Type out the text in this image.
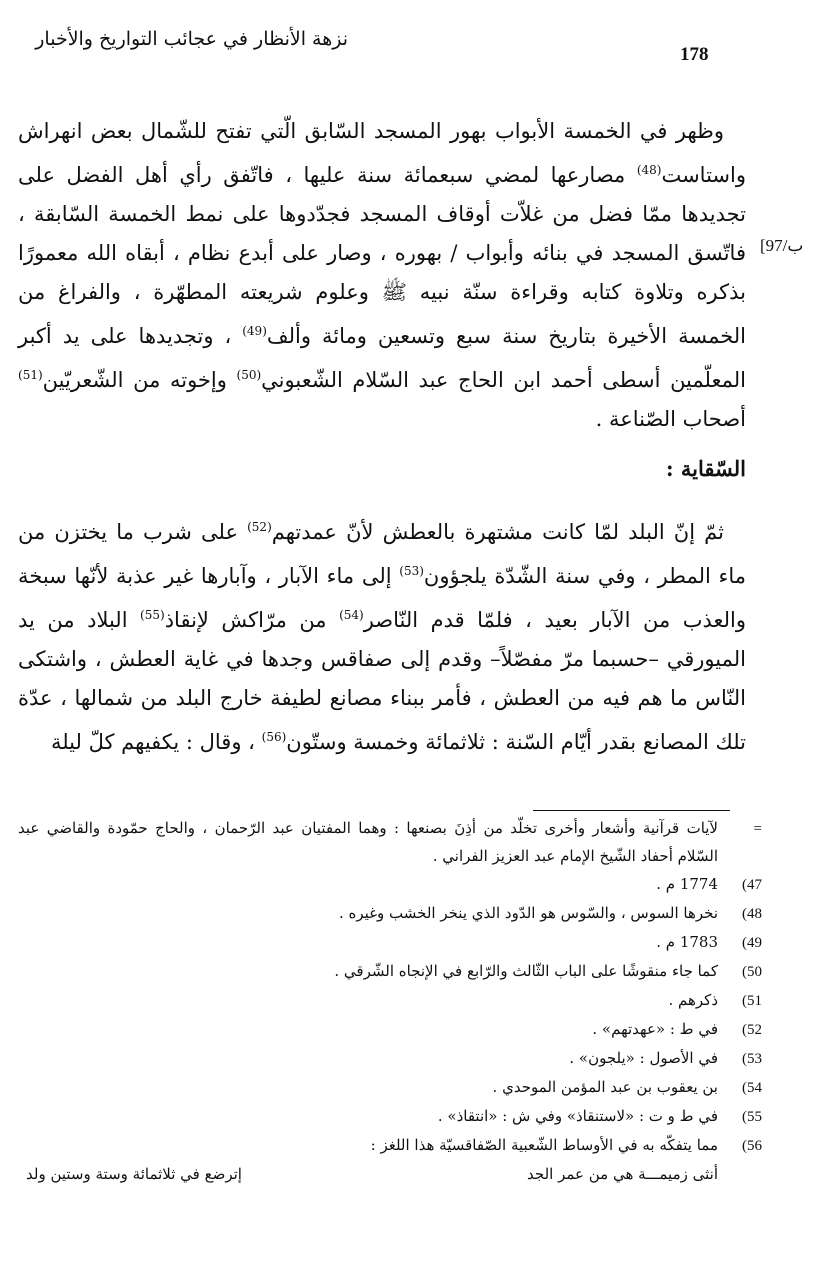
نزهة الأنظار في عجائب التواريخ والأخبار
178
[97/ب

وظهر في الخمسة الأبواب بهور المسجد السّابق الّتي تفتح للشّمال بعض انهراش واستاست$^{(48)}$ مصارعها لمضي سبعمائة سنة عليها ، فاتّفق رأي أهل الفضل على تجديدها ممّا فضل من غلاّت أوقاف المسجد فجدّدوها على نمط الخمسة السّابقة ، فاتّسق المسجد في بنائه وأبواب / بهوره ، وصار على أبدع نظام ، أبقاه الله معمورًا بذكره وتلاوة كتابه وقراءة سنّة نبيه ﷺ وعلوم شريعته المطهّرة ، والفراغ من الخمسة الأخيرة بتاريخ سنة سبع وتسعين ومائة وألف$^{(49)}$ ، وتجديدها على يد أكبر المعلّمين أسطى أحمد ابن الحاج عبد السّلام الشّعبوني$^{(50)}$ وإخوته من الشّعريّين$^{(51)}$ أصحاب الصّناعة .

السّقاية :

ثمّ إنّ البلد لمّا كانت مشتهرة بالعطش لأنّ عمدتهم$^{(52)}$ على شرب ما يختزن من ماء المطر ، وفي سنة الشّدّة يلجؤون$^{(53)}$ إلى ماء الآبار ، وآبارها غير عذبة لأنّها سبخة والعذب من الآبار بعيد ، فلمّا قدم النّاصر$^{(54)}$ من مرّاكش لإنقاذ$^{(55)}$ البلاد من يد الميورقي –حسبما مرّ مفصّلاً– وقدم إلى صفاقس وجدها في غاية العطش ، واشتكى النّاس ما هم فيه من العطش ، فأمر ببناء مصانع لطيفة خارج البلد من شمالها ، عدّة تلك المصانع بقدر أيّام السّنة : ثلاثمائة وخمسة وستّون$^{(56)}$ ، وقال : يكفيهم كلّ ليلة

=
لآيات قرآنية وأشعار وأخرى تخلّد من أذِنَ بصنعها : وهما المفتيان عبد الرّحمان ، والحاج حمّودة والقاضي عبد السّلام أحفاد الشّيخ الإمام عبد العزيز الفراني .
47)
1774 م .
48)
نخرها السوس ، والسّوس هو الدّود الذي ينخر الخشب وغيره .
49)
1783 م .
50)
كما جاء منقوشًا على الباب الثّالث والرّابع في الإنجاه الشّرقي .
51)
ذكرهم .
52)
في ط : «عهدتهم» .
53)
في الأصول : «يلجون» .
54)
بن يعقوب بن عبد المؤمن الموحدي .
55)
في ط و ت : «لاستنقاذ» وفي ش : «انتقاذ» .
56)
مما يتفكّه به في الأوساط الشّعبية الصّفاقسيّة هذا اللغز :
أنثى زميمـــة هي من عمر الجد
إترضع في ثلاثمائة وستة وستين ولد
